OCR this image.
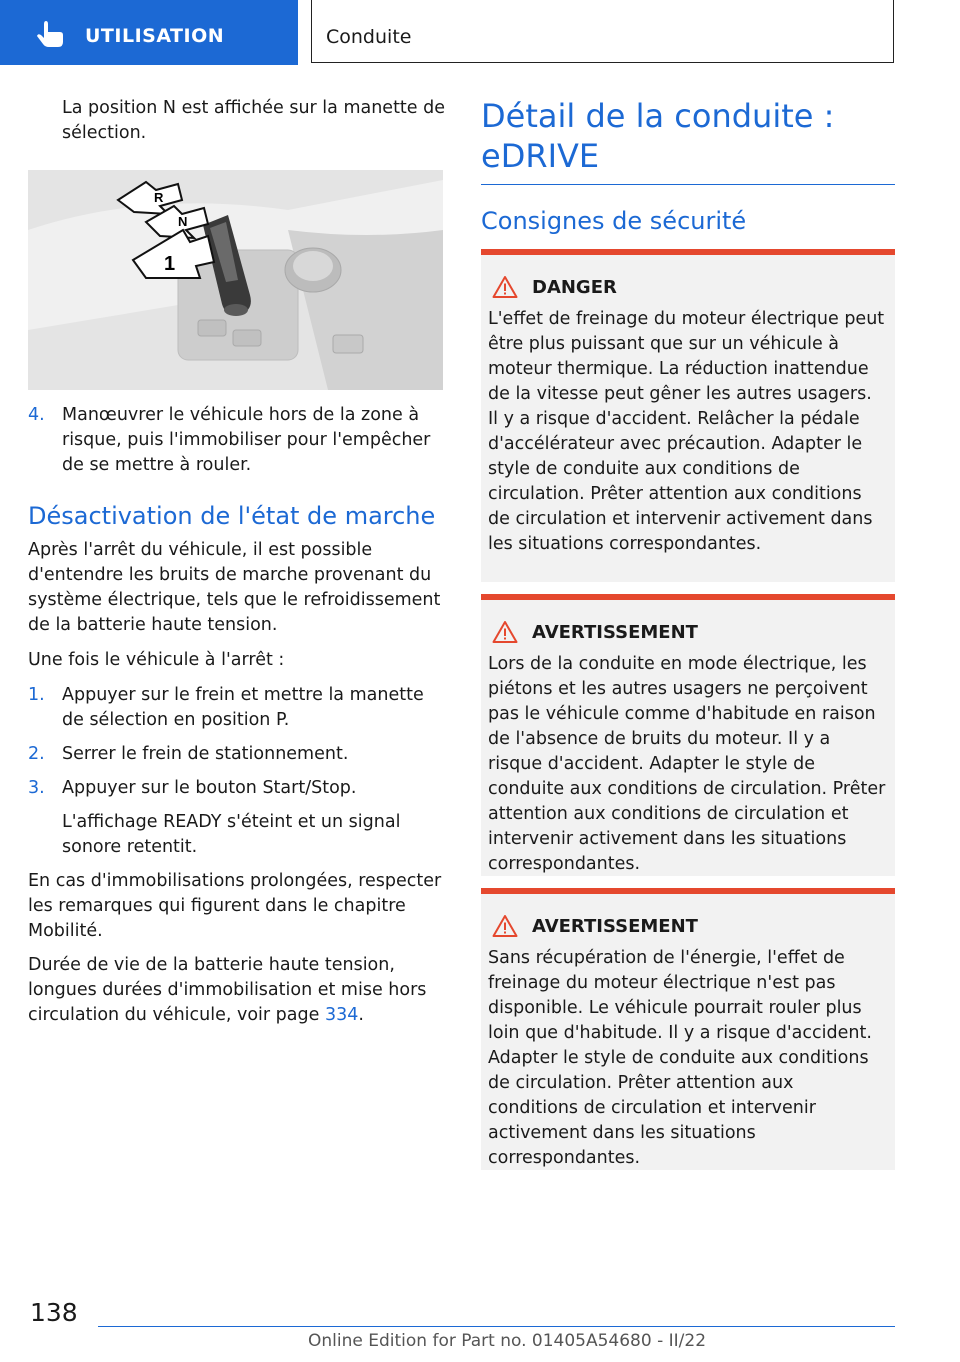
UTILISATION	Conduite

La position N est affichée sur la manette de sélection.

R
N
1
4. Manœuvrer le véhicule hors de la zone à risque, puis l'immobiliser pour l'empêcher de se mettre à rouler.
Désactivation de l'état de marche

Après l'arrêt du véhicule, il est possible d'entendre les bruits de marche provenant du système électrique, tels que le refroidissement de la batterie haute tension.

Une fois le véhicule à l'arrêt :

1. Appuyer sur le frein et mettre la manette de sélection en position P.
2. Serrer le frein de stationnement.
3. Appuyer sur le bouton Start/Stop.

L'affichage READY s'éteint et un signal sonore retentit.

En cas d'immobilisations prolongées, respecter les remarques qui figurent dans le chapitre Mobilité.

Durée de vie de la batterie haute tension, longues durées d'immobilisation et mise hors circulation du véhicule, voir page 334.

Détail de la conduite : eDRIVE
Consignes de sécurité
DANGER

L'effet de freinage du moteur électrique peut être plus puissant que sur un véhicule à moteur thermique. La réduction inattendue de la vitesse peut gêner les autres usagers. Il y a risque d'accident. Relâcher la pédale d'accélérateur avec précaution. Adapter le style de conduite aux conditions de circulation. Prêter attention aux conditions de circulation et intervenir activement dans les situations correspondantes.

AVERTISSEMENT

Lors de la conduite en mode électrique, les piétons et les autres usagers ne perçoivent pas le véhicule comme d'habitude en raison de l'absence de bruits du moteur. Il y a risque d'accident. Adapter le style de conduite aux conditions de circulation. Prêter attention aux conditions de circulation et intervenir activement dans les situations correspondantes.

AVERTISSEMENT

Sans récupération de l'énergie, l'effet de freinage du moteur électrique n'est pas disponible. Le véhicule pourrait rouler plus loin que d'habitude. Il y a risque d'accident. Adapter le style de conduite aux conditions de circulation. Prêter attention aux conditions de circulation et intervenir activement dans les situations correspondantes.

138
Online Edition for Part no. 01405A54680 - II/22
